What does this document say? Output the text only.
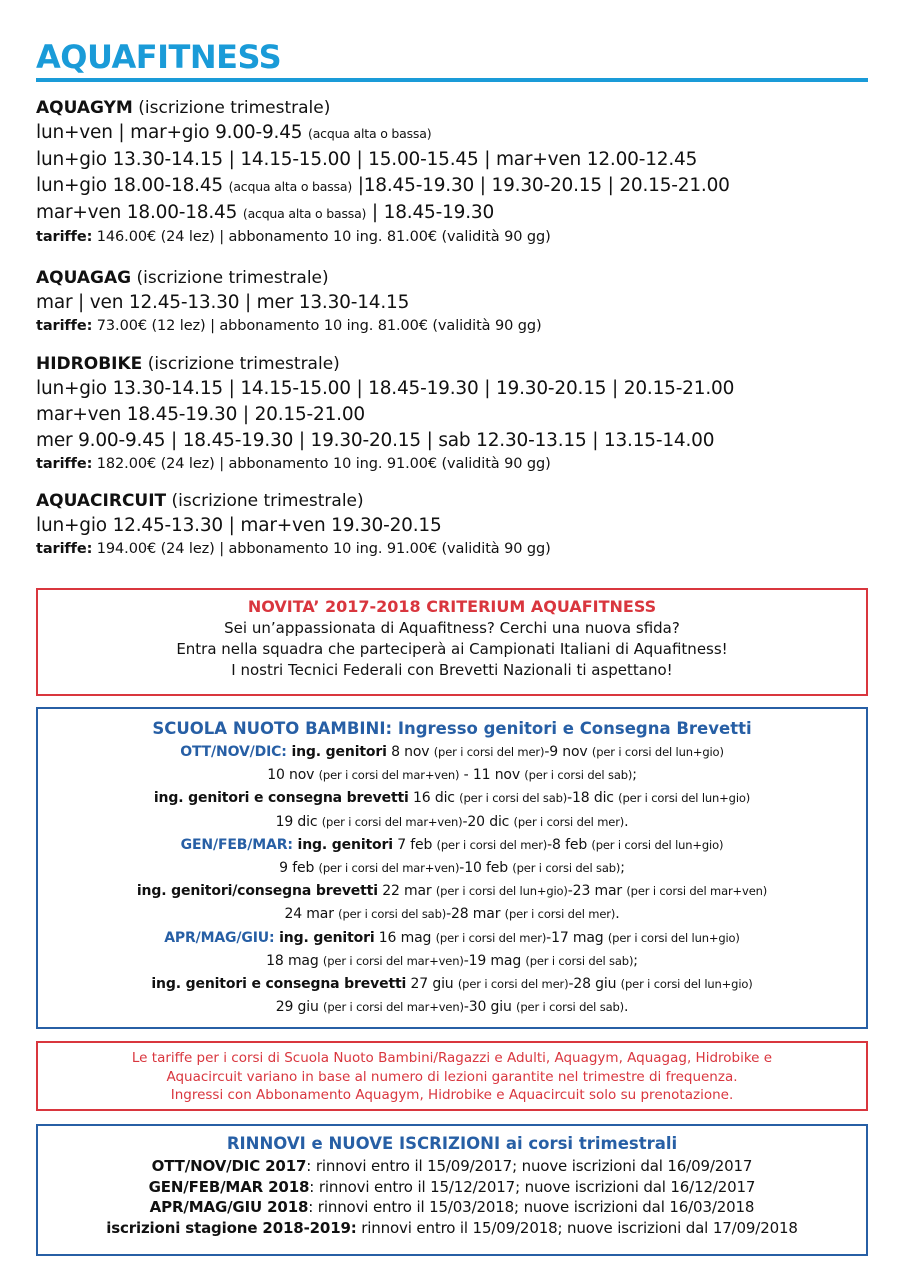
AQUAFITNESS
AQUAGYM (iscrizione trimestrale)
lun+ven | mar+gio 9.00-9.45 (acqua alta o bassa)
lun+gio 13.30-14.15 | 14.15-15.00 | 15.00-15.45 | mar+ven 12.00-12.45
lun+gio 18.00-18.45 (acqua alta o bassa) |18.45-19.30 | 19.30-20.15 | 20.15-21.00
mar+ven 18.00-18.45 (acqua alta o bassa) | 18.45-19.30
tariffe: 146.00€ (24 lez) | abbonamento 10 ing. 81.00€ (validità 90 gg)
AQUAGAG (iscrizione trimestrale)
mar | ven 12.45-13.30 | mer 13.30-14.15
tariffe: 73.00€ (12 lez) | abbonamento 10 ing. 81.00€ (validità 90 gg)
HIDROBIKE (iscrizione trimestrale)
lun+gio 13.30-14.15 | 14.15-15.00 | 18.45-19.30 | 19.30-20.15 | 20.15-21.00
mar+ven 18.45-19.30 | 20.15-21.00
mer 9.00-9.45 | 18.45-19.30 | 19.30-20.15 | sab 12.30-13.15 | 13.15-14.00
tariffe: 182.00€ (24 lez) | abbonamento 10 ing. 91.00€ (validità 90 gg)
AQUACIRCUIT (iscrizione trimestrale)
lun+gio 12.45-13.30 | mar+ven 19.30-20.15
tariffe: 194.00€ (24 lez) | abbonamento 10 ing. 91.00€ (validità 90 gg)
NOVITA’ 2017-2018 CRITERIUM AQUAFITNESS
Sei un’appassionata di Aquafitness? Cerchi una nuova sfida?
Entra nella squadra che parteciperà ai Campionati Italiani di Aquafitness!
I nostri Tecnici Federali con Brevetti Nazionali ti aspettano!
SCUOLA NUOTO BAMBINI: Ingresso genitori e Consegna Brevetti
OTT/NOV/DIC: ing. genitori 8 nov (per i corsi del mer)-9 nov (per i corsi del lun+gio)
10 nov (per i corsi del mar+ven) - 11 nov (per i corsi del sab);
ing. genitori e consegna brevetti 16 dic (per i corsi del sab)-18 dic (per i corsi del lun+gio)
19 dic (per i corsi del mar+ven)-20 dic (per i corsi del mer).
GEN/FEB/MAR: ing. genitori 7 feb (per i corsi del mer)-8 feb (per i corsi del lun+gio)
9 feb (per i corsi del mar+ven)-10 feb (per i corsi del sab);
ing. genitori/consegna brevetti 22 mar (per i corsi del lun+gio)-23 mar (per i corsi del mar+ven)
24 mar (per i corsi del sab)-28 mar (per i corsi del mer).
APR/MAG/GIU: ing. genitori 16 mag (per i corsi del mer)-17 mag (per i corsi del lun+gio)
18 mag (per i corsi del mar+ven)-19 mag (per i corsi del sab);
ing. genitori e consegna brevetti 27 giu (per i corsi del mer)-28 giu (per i corsi del lun+gio)
29 giu (per i corsi del mar+ven)-30 giu (per i corsi del sab).
Le tariffe per i corsi di Scuola Nuoto Bambini/Ragazzi e Adulti, Aquagym, Aquagag, Hidrobike e
Aquacircuit variano in base al numero di lezioni garantite nel trimestre di frequenza.
Ingressi con Abbonamento Aquagym, Hidrobike e Aquacircuit solo su prenotazione.
RINNOVI e NUOVE ISCRIZIONI ai corsi trimestrali
OTT/NOV/DIC 2017: rinnovi entro il 15/09/2017; nuove iscrizioni dal 16/09/2017
GEN/FEB/MAR 2018: rinnovi entro il 15/12/2017; nuove iscrizioni dal 16/12/2017
APR/MAG/GIU 2018: rinnovi entro il 15/03/2018; nuove iscrizioni dal 16/03/2018
iscrizioni stagione 2018-2019: rinnovi entro il 15/09/2018; nuove iscrizioni dal 17/09/2018
